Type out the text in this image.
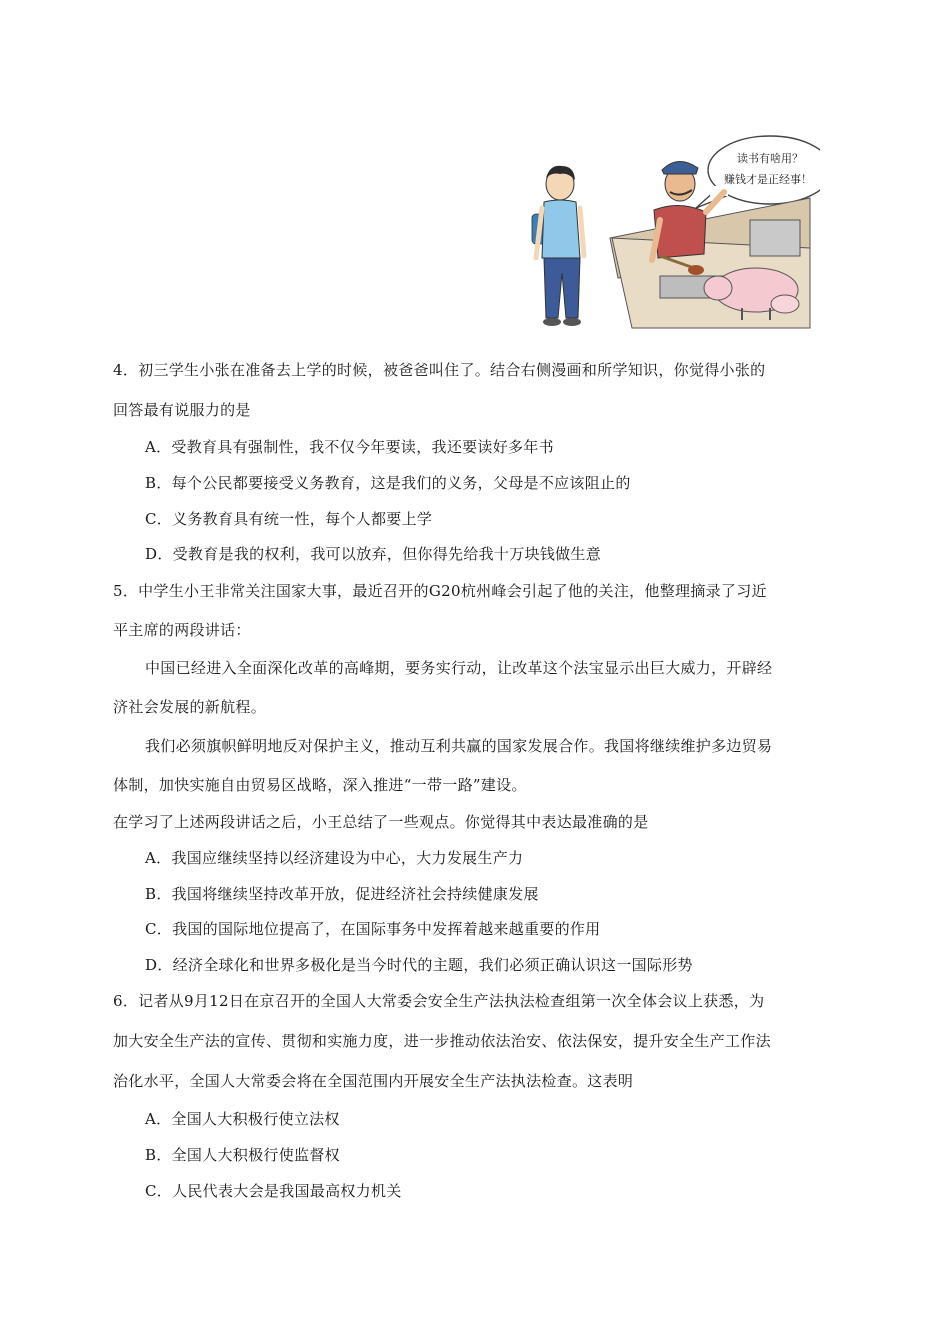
读书有啥用？
赚钱才是正经事！
4．初三学生小张在准备去上学的时候，被爸爸叫住了。结合右侧漫画和所学知识，你觉得小张的
回答最有说服力的是
A．受教育具有强制性，我不仅今年要读，我还要读好多年书
B．每个公民都要接受义务教育，这是我们的义务，父母是不应该阻止的
C．义务教育具有统一性，每个人都要上学
D．受教育是我的权利，我可以放弃，但你得先给我十万块钱做生意
5．中学生小王非常关注国家大事，最近召开的G20杭州峰会引起了他的关注，他整理摘录了习近
平主席的两段讲话：
中国已经进入全面深化改革的高峰期，要务实行动，让改革这个法宝显示出巨大威力，开辟经
济社会发展的新航程。
我们必须旗帜鲜明地反对保护主义，推动互利共赢的国家发展合作。我国将继续维护多边贸易
体制，加快实施自由贸易区战略，深入推进“一带一路”建设。
在学习了上述两段讲话之后，小王总结了一些观点。你觉得其中表达最准确的是
A．我国应继续坚持以经济建设为中心，大力发展生产力
B．我国将继续坚持改革开放，促进经济社会持续健康发展
C．我国的国际地位提高了，在国际事务中发挥着越来越重要的作用
D．经济全球化和世界多极化是当今时代的主题，我们必须正确认识这一国际形势
6．记者从9月12日在京召开的全国人大常委会安全生产法执法检查组第一次全体会议上获悉，为
加大安全生产法的宣传、贯彻和实施力度，进一步推动依法治安、依法保安，提升安全生产工作法
治化水平，全国人大常委会将在全国范围内开展安全生产法执法检查。这表明
A．全国人大积极行使立法权
B．全国人大积极行使监督权
C．人民代表大会是我国最高权力机关
